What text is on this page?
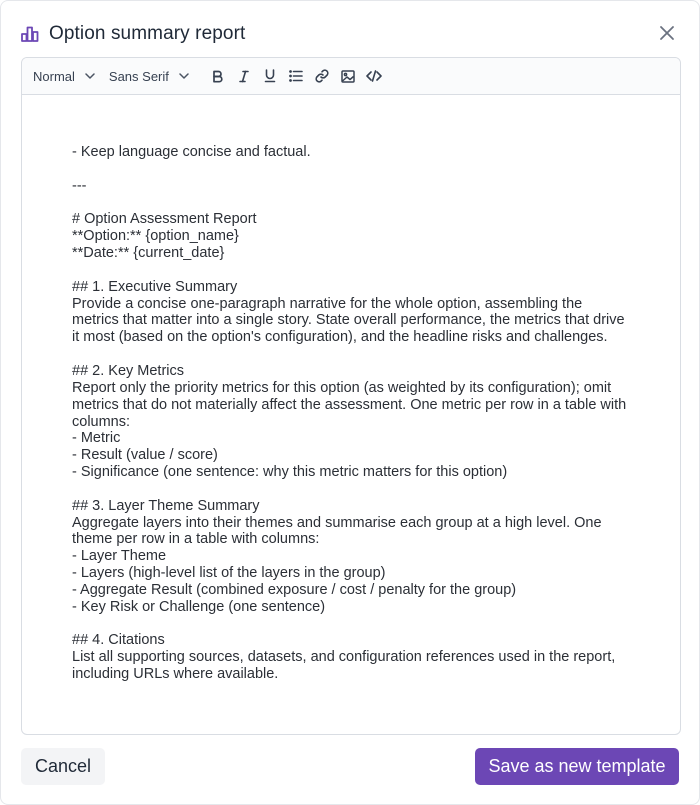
Option summary report
Normal	Sans Serif
- Keep language concise and factual.
---
# Option Assessment Report
**Option:** {option_name}
**Date:** {current_date}
## 1. Executive Summary
Provide a concise one-paragraph narrative for the whole option, assembling the
metrics that matter into a single story. State overall performance, the metrics that drive
it most (based on the option's configuration), and the headline risks and challenges.
## 2. Key Metrics
Report only the priority metrics for this option (as weighted by its configuration); omit
metrics that do not materially affect the assessment. One metric per row in a table with
columns:
- Metric
- Result (value / score)
- Significance (one sentence: why this metric matters for this option)
## 3. Layer Theme Summary
Aggregate layers into their themes and summarise each group at a high level. One
theme per row in a table with columns:
- Layer Theme
- Layers (high-level list of the layers in the group)
- Aggregate Result (combined exposure / cost / penalty for the group)
- Key Risk or Challenge (one sentence)
## 4. Citations
List all supporting sources, datasets, and configuration references used in the report,
including URLs where available.
Cancel	Save as new template
